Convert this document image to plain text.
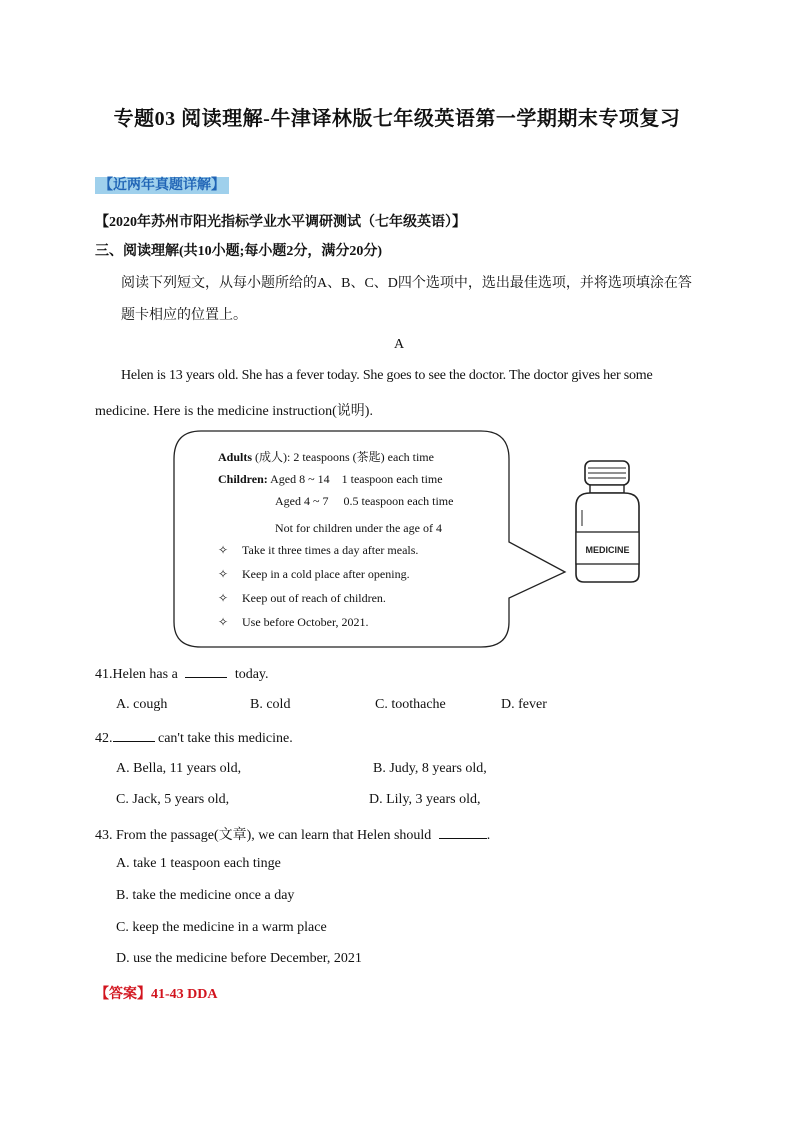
专题03 阅读理解-牛津译林版七年级英语第一学期期末专项复习
【近两年真题详解】
【2020年苏州市阳光指标学业水平调研测试（七年级英语）】
三、阅读理解(共10小题;每小题2分，满分20分)
阅读下列短文，从每小题所给的A、B、C、D四个选项中，选出最佳选项，并将选项填涂在答
题卡相应的位置上。
A
Helen is 13 years old. She has a fever today. She goes to see the doctor. The doctor gives her some
medicine. Here is the medicine instruction(说明).
Adults (成人): 2 teaspoons (茶匙) each time
Children: Aged 8 ~ 14    1 teaspoon each time
Aged 4 ~ 7     0.5 teaspoon each time
Not for children under the age of 4
✧ Take it three times a day after meals.
✧ Keep in a cold place after opening.
✧ Keep out of reach of children.
✧ Use before October, 2021.
MEDICINE
41.Helen has a	today.
A. cough	B. cold	C. toothache	D. fever
42.	can't take this medicine.
A. Bella, 11 years old,	B. Judy, 8 years old,
C. Jack, 5 years old,	D. Lily, 3 years old,
43. From the passage(文章), we can learn that Helen should	.
A. take 1 teaspoon each tinge
B. take the medicine once a day
C. keep the medicine in a warm place
D. use the medicine before December, 2021
【答案】41-43 DDA
